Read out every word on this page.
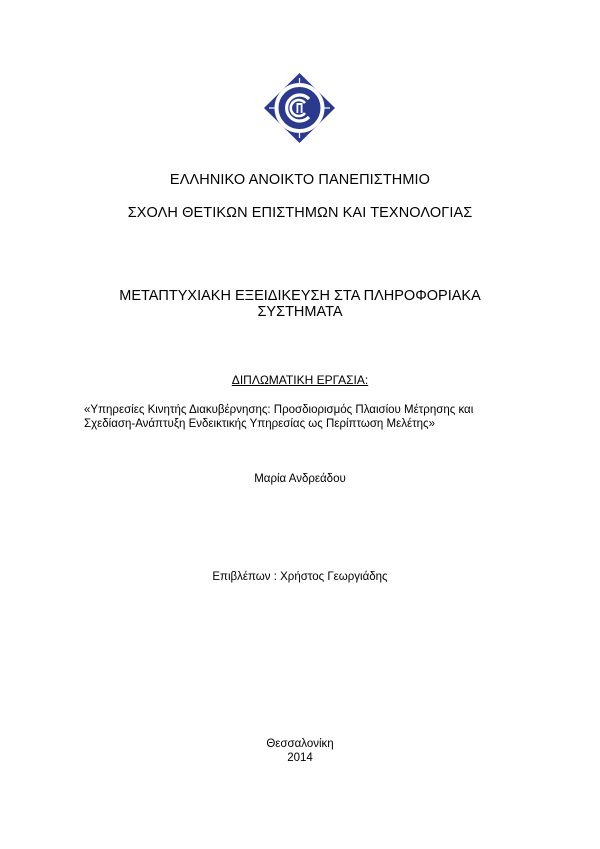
ΕΛΛΗΝΙΚΟ ΑΝΟΙΚΤΟ ΠΑΝΕΠΙΣΤΗΜΙΟ
ΣΧΟΛΗ ΘΕΤΙΚΩΝ ΕΠΙΣΤΗΜΩΝ ΚΑΙ ΤΕΧΝΟΛΟΓΙΑΣ
ΜΕΤΑΠΤΥΧΙΑΚΗ ΕΞΕΙΔΙΚΕΥΣΗ ΣΤΑ ΠΛΗΡΟΦΟΡΙΑΚΑ
ΣΥΣΤΗΜΑΤΑ
ΔΙΠΛΩΜΑΤΙΚΗ ΕΡΓΑΣΙΑ:
«Υπηρεσίες Κινητής Διακυβέρνησης: Προσδιορισμός Πλαισίου Μέτρησης και
Σχεδίαση-Ανάπτυξη Ενδεικτικής Υπηρεσίας ως Περίπτωση Μελέτης»
Μαρία Ανδρεάδου
Επιβλέπων : Χρήστος Γεωργιάδης
Θεσσαλονίκη
2014
